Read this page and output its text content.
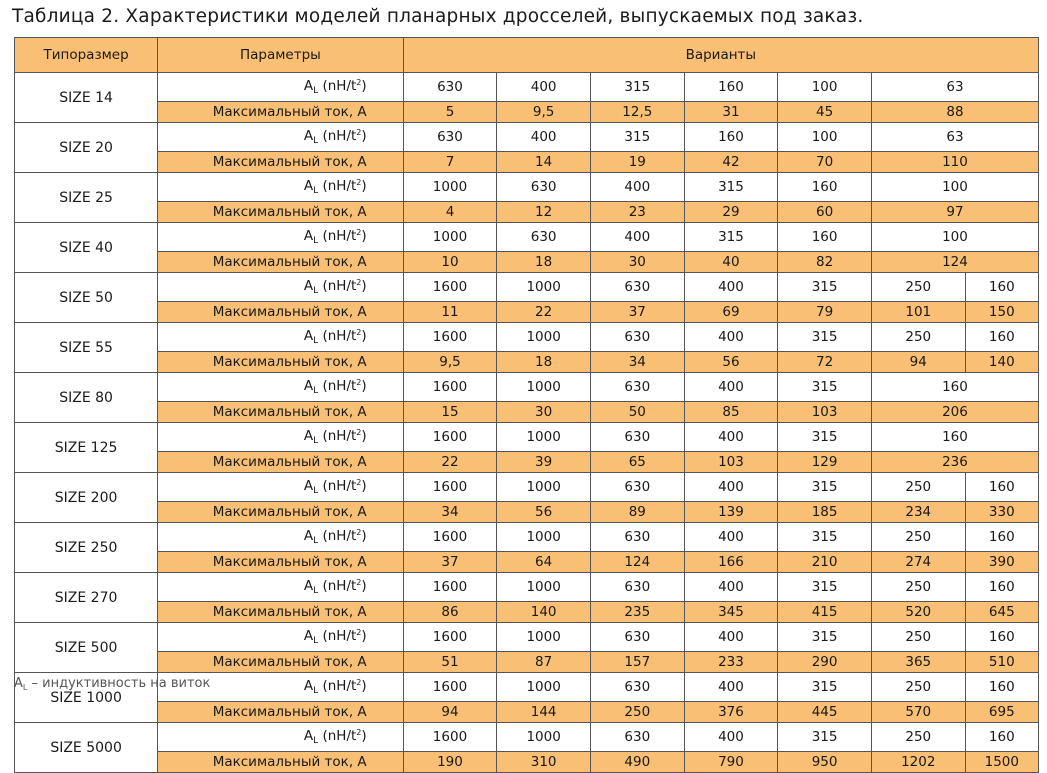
Таблица 2. Характеристики моделей планарных дросселей, выпускаемых под заказ.
Типоразмер	Параметры	Варианты						
SIZE 14	$A_L$ $(nH/t^2)$	630	400	315	160	100	63	
	Максимальный ток, A	5	9,5	12,5	31	45	88	
SIZE 20	$A_L$ $(nH/t^2)$	630	400	315	160	100	63	
	Максимальный ток, A	7	14	19	42	70	110	
SIZE 25	$A_L$ $(nH/t^2)$	1000	630	400	315	160	100	
	Максимальный ток, A	4	12	23	29	60	97	
SIZE 40	$A_L$ $(nH/t^2)$	1000	630	400	315	160	100	
	Максимальный ток, A	10	18	30	40	82	124	
SIZE 50	$A_L$ $(nH/t^2)$	1600	1000	630	400	315	250	160
	Максимальный ток, A	11	22	37	69	79	101	150
SIZE 55	$A_L$ $(nH/t^2)$	1600	1000	630	400	315	250	160
	Максимальный ток, A	9,5	18	34	56	72	94	140
SIZE 80	$A_L$ $(nH/t^2)$	1600	1000	630	400	315	160	
	Максимальный ток, A	15	30	50	85	103	206	
SIZE 125	$A_L$ $(nH/t^2)$	1600	1000	630	400	315	160	
	Максимальный ток, A	22	39	65	103	129	236	
SIZE 200	$A_L$ $(nH/t^2)$	1600	1000	630	400	315	250	160
	Максимальный ток, A	34	56	89	139	185	234	330
SIZE 250	$A_L$ $(nH/t^2)$	1600	1000	630	400	315	250	160
	Максимальный ток, A	37	64	124	166	210	274	390
SIZE 270	$A_L$ $(nH/t^2)$	1600	1000	630	400	315	250	160
	Максимальный ток, A	86	140	235	345	415	520	645
SIZE 500	$A_L$ $(nH/t^2)$	1600	1000	630	400	315	250	160
	Максимальный ток, A	51	87	157	233	290	365	510
SIZE 1000	$A_L$ $(nH/t^2)$	1600	1000	630	400	315	250	160
	Максимальный ток, A	94	144	250	376	445	570	695
SIZE 5000	$A_L$ $(nH/t^2)$	1600	1000	630	400	315	250	160
	Максимальный ток, A	190	310	490	790	950	1202	1500
$A_L$ – индуктивность на виток
